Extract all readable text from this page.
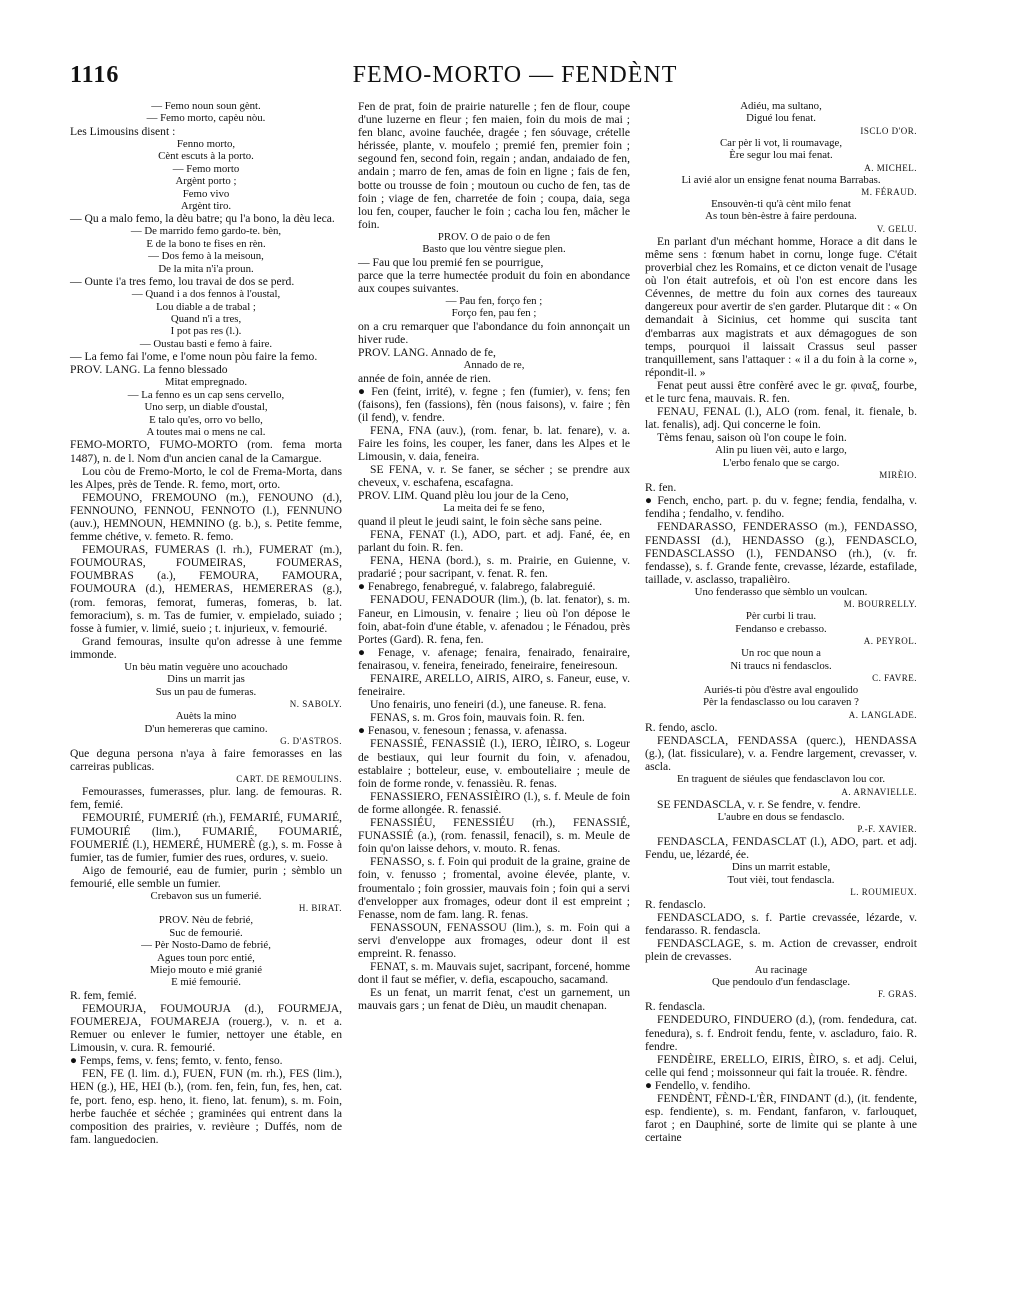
1116	FEMO-MORTO — FENDÈNT

— Femo noun soun gènt.

— Femo morto, capèu nòu.

Les Limousins disent :

Fenno morto,

Cènt escuts à la porto.

— Femo morto

Argènt porto ;

Femo vivo

Argènt tiro.

— Qu a malo femo, la dèu batre; qu l'a bono, la dèu leca.

— De marrido femo gardo-te. bèn,

E de la bono te fises en rèn.

— Dos femo à la meisoun,

De la mita n'i'a proun.

— Ounte i'a tres femo, lou travai de dos se perd.

— Quand i a dos fennos à l'oustal,

Lou diable a de trabal ;

Quand n'i a tres,

I pot pas res (l.).

— Oustau basti e femo à faire.

— La femo fai l'ome, e l'ome noun pòu faire la femo.

PROV. LANG. La fenno blessado

Mitat empregnado.

— La fenno es un cap sens cervello,

Uno serp, un diable d'oustal,

E talo qu'es, orro vo bello,

A toutes mai o mens ne cal.

FEMO-MORTO, FUMO-MORTO (rom. fema morta 1487), n. de l. Nom d'un ancien canal de la Camargue.

Lou còu de Fremo-Morto, le col de Frema-Morta, dans les Alpes, près de Tende. R. femo, mort, orto.

FEMOUNO, FREMOUNO (m.), FENOUNO (d.), FENNOUNO, FENNOU, FENNOTO (l.), FENNUNO (auv.), HEMNOUN, HEMNINO (g. b.), s. Petite femme, femme chétive, v. femeto. R. femo.

FEMOURAS, FUMERAS (l. rh.), FUMERAT (m.), FOUMOURAS, FOUMEIRAS, FOUMERAS, FOUMBRAS (a.), FEMOURA, FAMOURA, FOUMOURA (d.), HEMERAS, HEMERERAS (g.), (rom. femoras, femorat, fumeras, fomeras, b. lat. femoracium), s. m. Tas de fumier, v. empielado, suiado ; fosse à fumier, v. limié, sueio ; t. injurieux, v. femourié.

Grand femouras, insulte qu'on adresse à une femme immonde.

Un bèu matin veguère uno acouchado

Dins un marrit jas

Sus un pau de fumeras.

N. SABOLY.

Auèts la mino

D'un hemereras que camino.

G. D'ASTROS.

Que deguna persona n'aya à faire femorasses en las carreiras publicas.

CART. DE REMOULINS.

Femourasses, fumerasses, plur. lang. de femouras. R. fem, femié.

FEMOURIÉ, FUMERIÉ (rh.), FEMARIÉ, FUMARIÉ, FUMOURIÉ (lim.), FUMARIÉ, FOUMARIÉ, FOUMERIÉ (l.), HEMERÉ, HUMERÈ (g.), s. m. Fosse à fumier, tas de fumier, fumier des rues, ordures, v. sueio.

Aigo de femourié, eau de fumier, purin ; sèmblo un femourié, elle semble un fumier.

Crebavon sus un fumerié.

H. BIRAT.

PROV. Nèu de febrié,

Suc de femourié.

— Pèr Nosto-Damo de febrié,

Agues toun porc entié,

Miejo mouto e mié granié

E mié femourié.

R. fem, femié.

FEMOURJA, FOUMOURJA (d.), FOURMEJA, FOUMEREJA, FOUMAREJA (rouerg.), v. n. et a. Remuer ou enlever le fumier, nettoyer une étable, en Limousin, v. cura. R. femourié.

● Femps, fems, v. fens; femto, v. fento, fenso.

FEN, FE (l. lim. d.), FUEN, FUN (m. rh.), FES (lim.), HEN (g.), HE, HEI (b.), (rom. fen, fein, fun, fes, hen, cat. fe, port. feno, esp. heno, it. fieno, lat. fenum), s. m. Foin, herbe fauchée et séchée ; graminées qui entrent dans la composition des prairies, v. revièure ; Duffés, nom de fam. languedocien.

Fen de prat, foin de prairie naturelle ; fen de flour, coupe d'une luzerne en fleur ; fen maien, foin du mois de mai ; fen blanc, avoine fauchée, dragée ; fen sóuvage, crételle hérissée, plante, v. moufelo ; premié fen, premier foin ; segound fen, second foin, regain ; andan, andaiado de fen, andain ; marro de fen, amas de foin en ligne ; fais de fen, botte ou trousse de foin ; moutoun ou cucho de fen, tas de foin ; viage de fen, charretée de foin ; coupa, daia, sega lou fen, couper, faucher le foin ; cacha lou fen, mâcher le foin.

PROV. O de paio o de fen

Basto que lou vèntre siegue plen.

— Fau que lou premié fen se pourrigue,

parce que la terre humectée produit du foin en abondance aux coupes suivantes.

— Pau fen, forço fen ;

Forço fen, pau fen ;

on a cru remarquer que l'abondance du foin annonçait un hiver rude.

PROV. LANG. Annado de fe,

Annado de re,

année de foin, année de rien.

● Fen (feint, irrité), v. fegne ; fen (fumier), v. fens; fen (faisons), fen (fassions), fèn (nous faisons), v. faire ; fèn (il fend), v. fendre.

FENA, FNA (auv.), (rom. fenar, b. lat. fenare), v. a. Faire les foins, les couper, les faner, dans les Alpes et le Limousin, v. daia, feneira.

SE FENA, v. r. Se faner, se sécher ; se prendre aux cheveux, v. eschafena, escafagna.

PROV. LIM. Quand plèu lou jour de la Ceno,

La meita dei fe se feno,

quand il pleut le jeudi saint, le foin sèche sans peine.

FENA, FENAT (l.), ADO, part. et adj. Fané, ée, en parlant du foin. R. fen.

FENA, HENA (bord.), s. m. Prairie, en Guienne, v. pradarié ; pour sacripant, v. fenat. R. fen.

● Fenabrego, fenabregué, v. falabrego, falabreguié.

FENADOU, FENADOUR (lim.), (b. lat. fenator), s. m. Faneur, en Limousin, v. fenaire ; lieu où l'on dépose le foin, abat-foin d'une étable, v. afenadou ; le Fénadou, près Portes (Gard). R. fena, fen.

● Fenage, v. afenage; fenaira, fenairado, fenairaire, fenairasou, v. feneira, feneirado, feneiraire, feneiresoun.

FENAIRE, ARELLO, AIRIS, AIRO, s. Faneur, euse, v. feneiraire.

Uno fenairis, uno feneiri (d.), une faneuse. R. fena.

FENAS, s. m. Gros foin, mauvais foin. R. fen.

● Fenasou, v. fenesoun ; fenassa, v. afenassa.

FENASSIÉ, FENASSIÈ (l.), IERO, IÈIRO, s. Logeur de bestiaux, qui leur fournit du foin, v. afenadou, establaire ; botteleur, euse, v. embouteliaire ; meule de foin de forme ronde, v. fenassièu. R. fenas.

FENASSIERO, FENASSIÈIRO (l.), s. f. Meule de foin de forme allongée. R. fenassié.

FENASSIÉU, FENESSIÉU (rh.), FENASSIÉ, FUNASSIÉ (a.), (rom. fenassil, fenacil), s. m. Meule de foin qu'on laisse dehors, v. mouto. R. fenas.

FENASSO, s. f. Foin qui produit de la graine, graine de foin, v. fenusso ; fromental, avoine élevée, plante, v. froumentalo ; foin grossier, mauvais foin ; foin qui a servi d'envelopper aux fromages, odeur dont il est empreint ; Fenasse, nom de fam. lang. R. fenas.

FENASSOUN, FENASSOU (lim.), s. m. Foin qui a servi d'enveloppe aux fromages, odeur dont il est empreint. R. fenasso.

FENAT, s. m. Mauvais sujet, sacripant, forcené, homme dont il faut se méfier, v. defia, escapoucho, sacamand.

Es un fenat, un marrit fenat, c'est un garnement, un mauvais gars ; un fenat de Dièu, un maudit chenapan.

Adiéu, ma sultano,

Digué lou fenat.

ISCLO D'OR.

Car pèr li vot, li roumavage,

Ère segur lou mai fenat.

A. MICHEL.

Li avié alor un ensigne fenat nouma Barrabas.

M. FÉRAUD.

Ensouvèn-ti qu'à cènt milo fenat

As toun bèn-èstre à faire perdouna.

V. GELU.

En parlant d'un méchant homme, Horace a dit dans le même sens : fœnum habet in cornu, longe fuge. C'était proverbial chez les Romains, et ce dicton venait de l'usage où l'on était autrefois, et où l'on est encore dans les Cévennes, de mettre du foin aux cornes des taureaux dangereux pour avertir de s'en garder. Plutarque dit : « On demandait à Sicinius, cet homme qui suscita tant d'embarras aux magistrats et aux démagogues de son temps, pourquoi il laissait Crassus seul passer tranquillement, sans l'attaquer : « il a du foin à la corne », répondit-il. »

Fenat peut aussi être confèré avec le gr. φιναξ, fourbe, et le turc fena, mauvais. R. fen.

FENAU, FENAL (l.), ALO (rom. fenal, it. fienale, b. lat. fenalis), adj. Qui concerne le foin.

Tèms fenau, saison où l'on coupe le foin.

Alin pu liuen vèi, auto e largo,

L'erbo fenalo que se cargo.

MIRÈIO.

R. fen.

● Fench, encho, part. p. du v. fegne; fendia, fendalha, v. fendiha ; fendalho, v. fendiho.

FENDARASSO, FENDERASSO (m.), FENDASSO, FENDASSI (d.), HENDASSO (g.), FENDASCLO, FENDASCLASSO (l.), FENDANSO (rh.), (v. fr. fendasse), s. f. Grande fente, crevasse, lézarde, estafilade, taillade, v. asclasso, trapalièiro.

Uno fenderasso que sèmblo un voulcan.

M. BOURRELLY.

Pèr curbi li trau.

Fendanso e crebasso.

A. PEYROL.

Un roc que noun a

Ni traucs ni fendasclos.

C. FAVRE.

Auriés-ti pòu d'èstre aval engoulido

Pèr la fendasclasso ou lou caraven ?

A. LANGLADE.

R. fendo, asclo.

FENDASCLA, FENDASSA (querc.), HENDASSA (g.), (lat. fissiculare), v. a. Fendre largement, crevasser, v. ascla.

En traguent de siéules que fendasclavon lou cor.

A. ARNAVIELLE.

SE FENDASCLA, v. r. Se fendre, v. fendre.

L'aubre en dous se fendasclo.

P.-F. XAVIER.

FENDASCLA, FENDASCLAT (l.), ADO, part. et adj. Fendu, ue, lézardé, ée.

Dins un marrit estable,

Tout vièi, tout fendascla.

L. ROUMIEUX.

R. fendasclo.

FENDASCLADO, s. f. Partie crevassée, lézarde, v. fendarasso. R. fendascla.

FENDASCLAGE, s. m. Action de crevasser, endroit plein de crevasses.

Au racinage

Que pendoulo d'un fendasclage.

F. GRAS.

R. fendascla.

FENDEDURO, FINDUERO (d.), (rom. fendedura, cat. fenedura), s. f. Endroit fendu, fente, v. ascladuro, faio. R. fendre.

FENDÈIRE, ERELLO, EIRIS, ÈIRO, s. et adj. Celui, celle qui fend ; moissonneur qui fait la trouée. R. fèndre.

● Fendello, v. fendiho.

FENDÈNT, FÈND-L'ÈR, FINDANT (d.), (it. fendente, esp. fendiente), s. m. Fendant, fanfaron, v. farlouquet, farot ; en Dauphiné, sorte de limite qui se plante à une certaine
